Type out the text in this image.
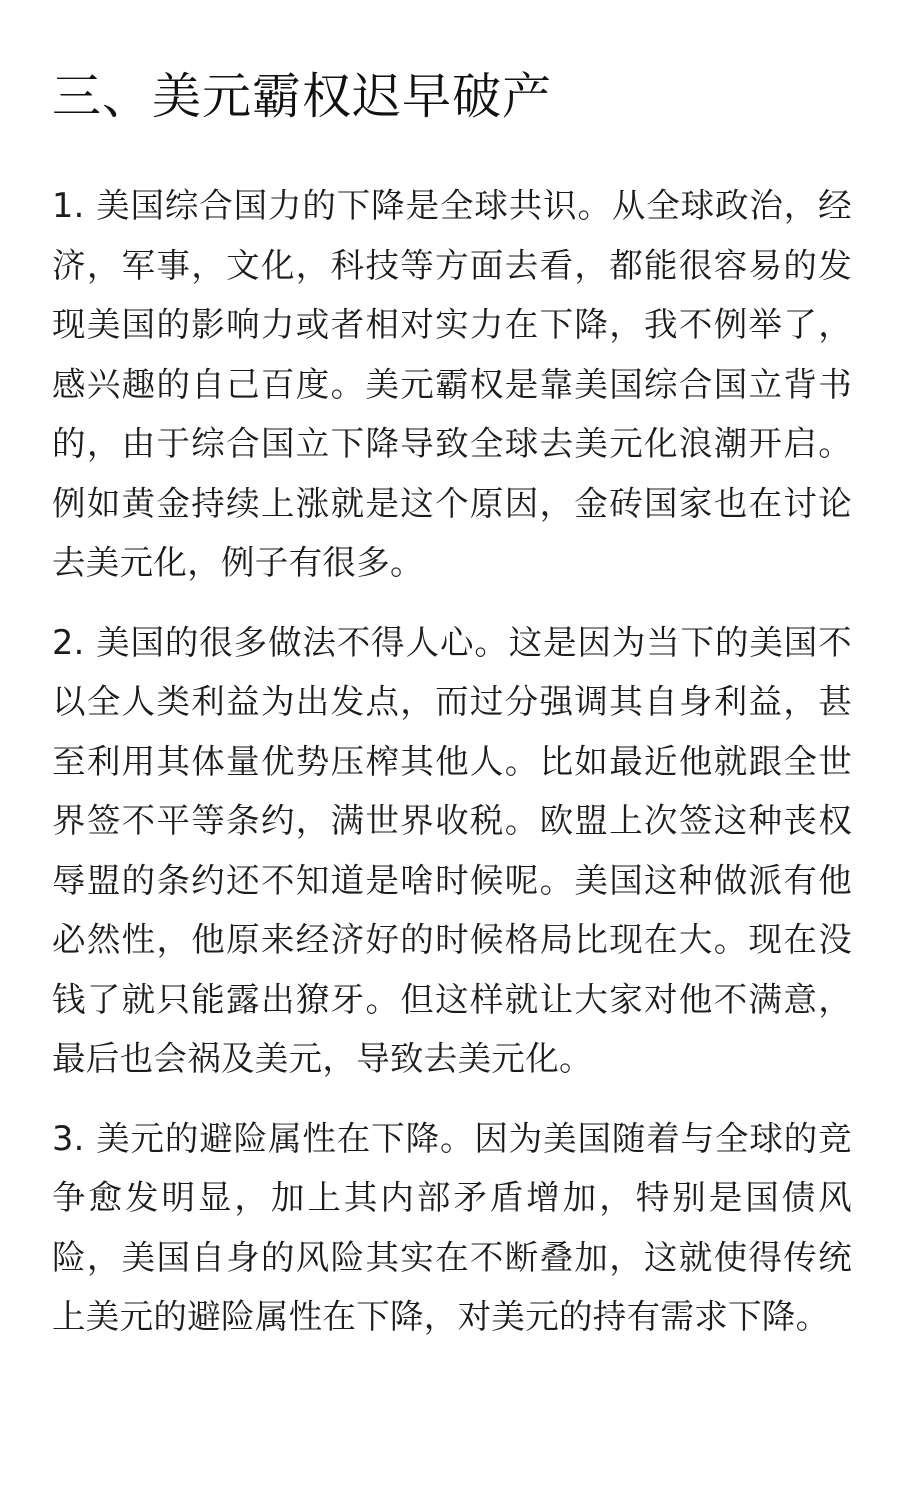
三、美元霸权迟早破产

1. 美国综合国力的下降是全球共识。从全球政治，经济，军事，文化，科技等方面去看，都能很容易的发现美国的影响力或者相对实力在下降，我不例举了，感兴趣的自己百度。美元霸权是靠美国综合国立背书的，由于综合国立下降导致全球去美元化浪潮开启。例如黄金持续上涨就是这个原因，金砖国家也在讨论去美元化，例子有很多。

2. 美国的很多做法不得人心。这是因为当下的美国不以全人类利益为出发点，而过分强调其自身利益，甚至利用其体量优势压榨其他人。比如最近他就跟全世界签不平等条约，满世界收税。欧盟上次签这种丧权辱盟的条约还不知道是啥时候呢。美国这种做派有他必然性，他原来经济好的时候格局比现在大。现在没钱了就只能露出獠牙。但这样就让大家对他不满意，最后也会祸及美元，导致去美元化。

3. 美元的避险属性在下降。因为美国随着与全球的竞争愈发明显，加上其内部矛盾增加，特别是国债风险，美国自身的风险其实在不断叠加，这就使得传统上美元的避险属性在下降，对美元的持有需求下降。
